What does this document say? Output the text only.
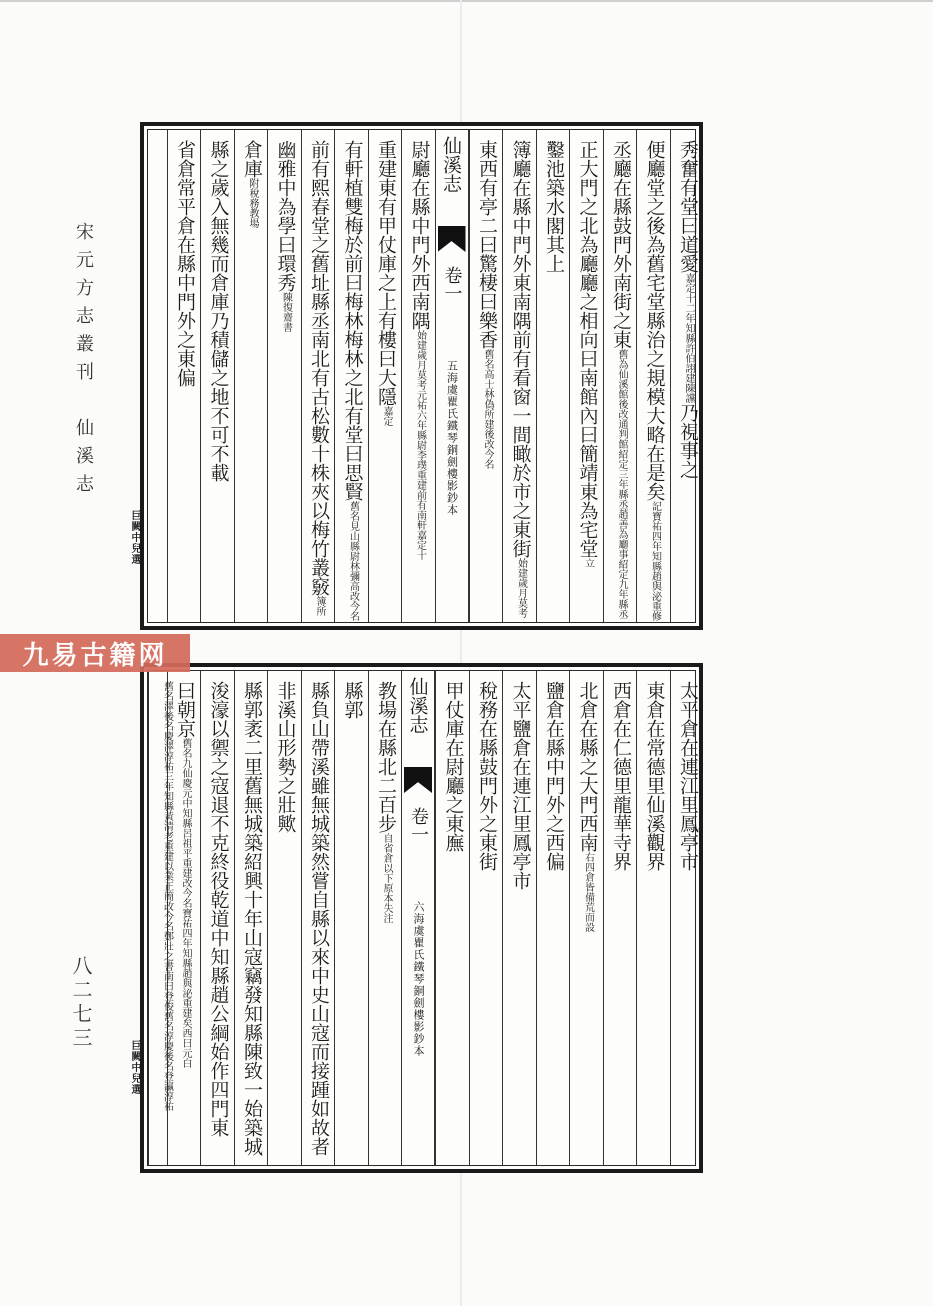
宋元方志叢刊　仙溪志
八二七三
巨闕中兒選
巨闕中兒選
秀奮有堂曰道愛嘉定十二年知縣許伯詡建陳讜乃視事之
便廳堂之後為舊宅堂縣治之規模大略在是矣記寶祐四年知縣趙與泌重修
丞廳在縣鼓門外南街之東舊為仙溪館後改通判館紹定三年縣丞趙善為廳事紹定九年縣丞
正大門之北為廳廳之相向曰南館內曰簡靖東為宅堂立
鑿池築水閣其上
簿廳在縣中門外東南隅前有看窗一間瞰於市之東街始建歲月莫考
東西有亭二曰驚棲曰樂香舊名高士林偽所建後改今名
仙溪志
卷一
五海虞瞿氏鐵琴銅劍樓影鈔本
尉廳在縣中門外西南隅始建歲月莫考元祐六年縣尉李璞重建前有南軒嘉定十
重建東有甲仗庫之上有樓曰大隱嘉定
有軒植雙梅於前曰梅林梅林之北有堂曰思賢舊名見山縣尉林彌高改今名
前有熙春堂之舊址縣丞南北有古松數十株夾以梅竹叢竅簿所
幽雅中為學曰環秀陳復齋書
倉庫附稅務教場
縣之歲入無幾而倉庫乃積儲之地不可不載
省倉常平倉在縣中門外之東偏
太平倉在連江里鳳亭市
東倉在常德里仙溪觀界
西倉在仁德里龍華寺界
北倉在縣之大門西南右四倉皆備荒而設
鹽倉在縣中門外之西偏
太平鹽倉在連江里鳳亭市
稅務在縣鼓門外之東街
甲仗庫在尉廳之東廡
仙溪志
卷一
六海虞瞿氏鐵琴銅劍樓影鈔本
教場在縣北二百步自省倉以下原本失注
縣郭
縣負山帶溪雖無城築然嘗自縣以來中史山寇而接踵如故者
非溪山形勢之壯歟
縣郭袤二里舊無城築紹興十年山寇竊發知縣陳致一始築城
浚濠以禦之寇退不克終役乾道中知縣趙公綱始作四門東
曰朝京舊名九仙慶元中知縣呂祖平重建改今名寶祐四年知縣趙與泌重建矣西曰元白
舊名澤後名慶澤淳祐三年知縣黃清老重建以業正簡改今名鄭壯之書南曰登俊舊名淳慶後名登瀛淳祐
九易古籍网
